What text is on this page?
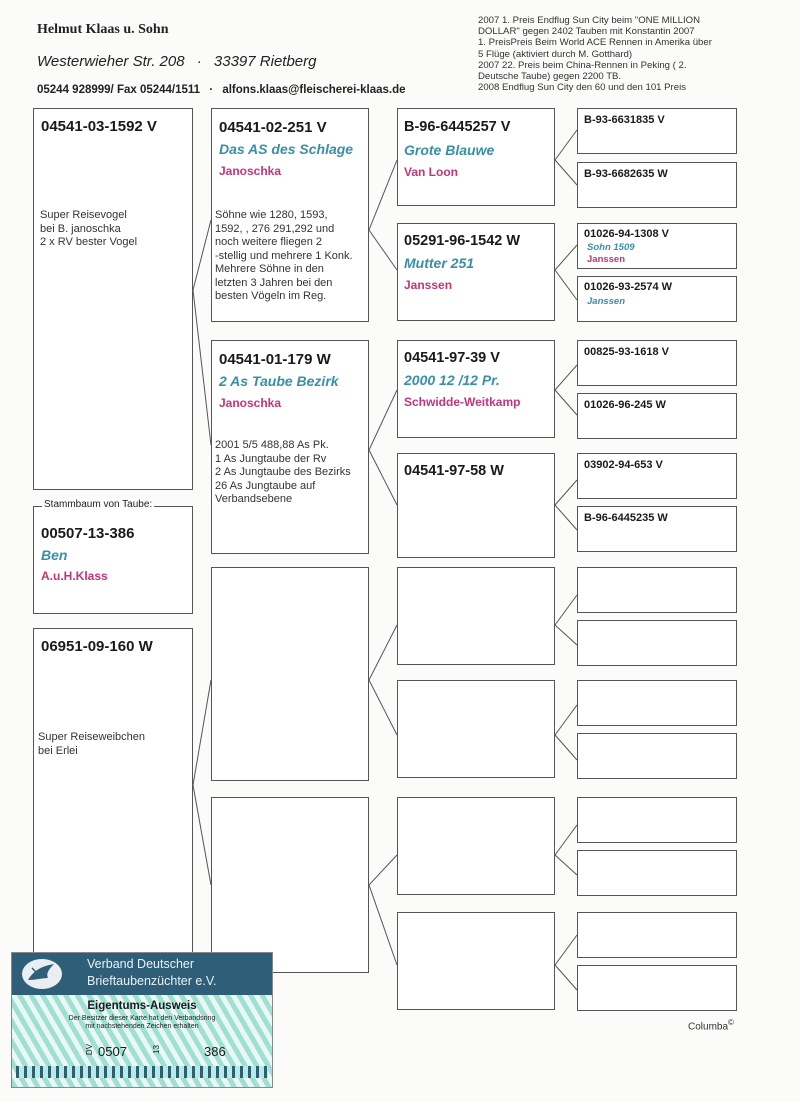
Helmut Klaas u. Sohn
Westerwieher Str. 208 · 33397 Rietberg
05244 928999/ Fax 05244/1511 · alfons.klaas@fleischerei-klaas.de
2007 1. Preis Endflug Sun City beim "ONE MILLION
DOLLAR" gegen 2402 Tauben mit Konstantin 2007
1. PreisPreis Beim World ACE Rennen in Amerika über
5 Flüge (aktiviert durch M. Gotthard)
2007 22. Preis beim China-Rennen in Peking ( 2.
Deutsche Taube) gegen 2200 TB.
2008 Endflug Sun City den 60 und den 101 Preis
04541-03-1592 V
Super Reisevogel
bei B. janoschka
2 x RV bester Vogel
Stammbaum von Taube:
00507-13-386
Ben
A.u.H.Klass
06951-09-160 W
Super Reiseweibchen
bei Erlei
04541-02-251 V
Das AS des Schlage
Janoschka
Söhne wie 1280, 1593,
1592, , 276 291,292 und
noch weitere fliegen 2
-stellig und mehrere 1 Konk.
Mehrere Söhne in den
letzten 3 Jahren bei den
besten Vögeln im Reg.
04541-01-179 W
2 As Taube Bezirk
Janoschka
2001 5/5 488,88 As Pk.
1 As Jungtaube der Rv
2 As Jungtaube des Bezirks
26 As Jungtaube auf
Verbandsebene
B-96-6445257 V
Grote Blauwe
Van Loon
05291-96-1542 W
Mutter 251
Janssen
04541-97-39 V
2000 12 /12 Pr.
Schwidde-Weitkamp
04541-97-58 W
B-93-6631835 V
B-93-6682635 W
01026-94-1308 V
Sohn 1509
Janssen
01026-93-2574 W
Janssen
00825-93-1618 V
01026-96-245 W
03902-94-653 V
B-96-6445235 W
Columba©
Verband Deutscher
Brieftaubenzüchter e.V.
Eigentums-Ausweis
Der Besitzer dieser Karte hat den Verbandsring
mit nachstehenden Zeichen erhalten
DV 0507	13	386
